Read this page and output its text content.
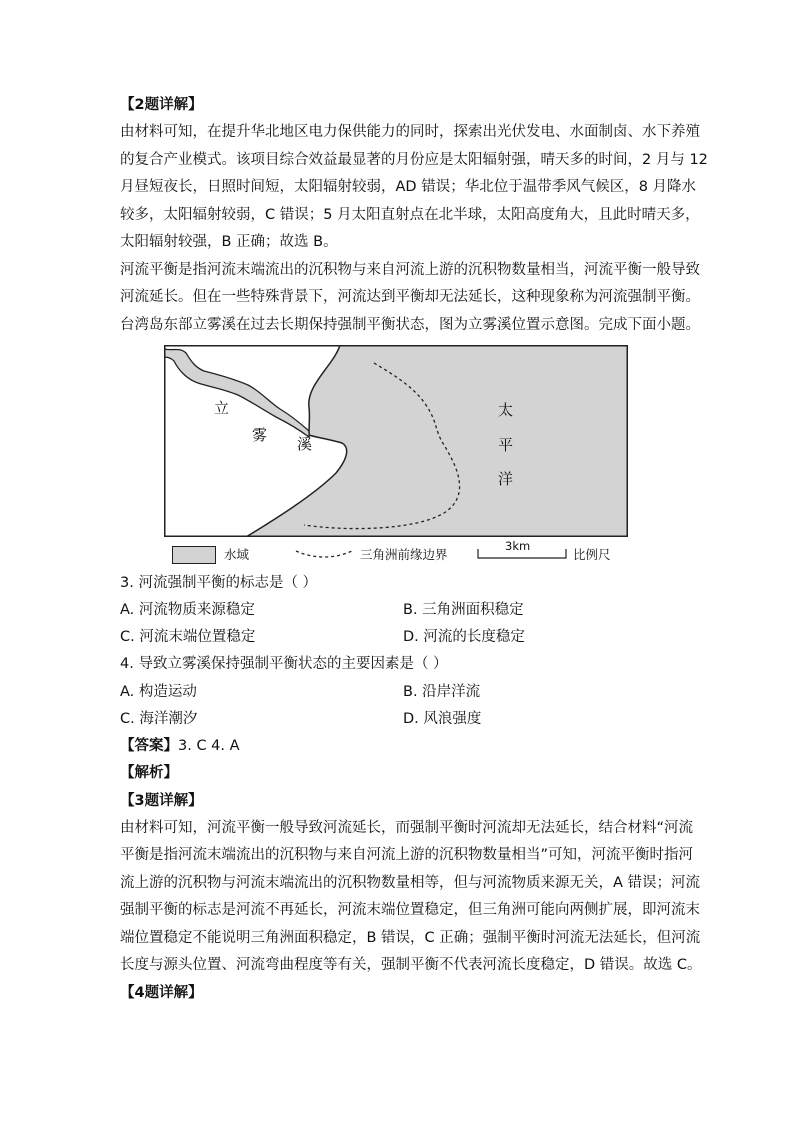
【2题详解】
由材料可知，在提升华北地区电力保供能力的同时，探索出光伏发电、水面制卤、水下养殖
的复合产业模式。该项目综合效益最显著的月份应是太阳辐射强，晴天多的时间，2 月与 12
月昼短夜长，日照时间短，太阳辐射较弱，AD 错误；华北位于温带季风气候区，8 月降水
较多，太阳辐射较弱，C 错误；5 月太阳直射点在北半球，太阳高度角大，且此时晴天多，
太阳辐射较强，B 正确；故选 B。
河流平衡是指河流末端流出的沉积物与来自河流上游的沉积物数量相当，河流平衡一般导致
河流延长。但在一些特殊背景下，河流达到平衡却无法延长，这种现象称为河流强制平衡。
台湾岛东部立雾溪在过去长期保持强制平衡状态，图为立雾溪位置示意图。完成下面小题。
立
雾 溪
太
平
洋
水域	三角洲前缘边界
3km
比例尺
3. 河流强制平衡的标志是（ ）
A. 河流物质来源稳定	B. 三角洲面积稳定
C. 河流末端位置稳定	D. 河流的长度稳定
4. 导致立雾溪保持强制平衡状态的主要因素是（ ）
A. 构造运动	B. 沿岸洋流
C. 海洋潮汐	D. 风浪强度
【答案】3. C 4. A
【解析】
【3题详解】
由材料可知，河流平衡一般导致河流延长，而强制平衡时河流却无法延长，结合材料“河流
平衡是指河流末端流出的沉积物与来自河流上游的沉积物数量相当”可知，河流平衡时指河
流上游的沉积物与河流末端流出的沉积物数量相等，但与河流物质来源无关，A 错误；河流
强制平衡的标志是河流不再延长，河流末端位置稳定，但三角洲可能向两侧扩展，即河流末
端位置稳定不能说明三角洲面积稳定，B 错误，C 正确；强制平衡时河流无法延长，但河流
长度与源头位置、河流弯曲程度等有关，强制平衡不代表河流长度稳定，D 错误。故选 C。
【4题详解】
